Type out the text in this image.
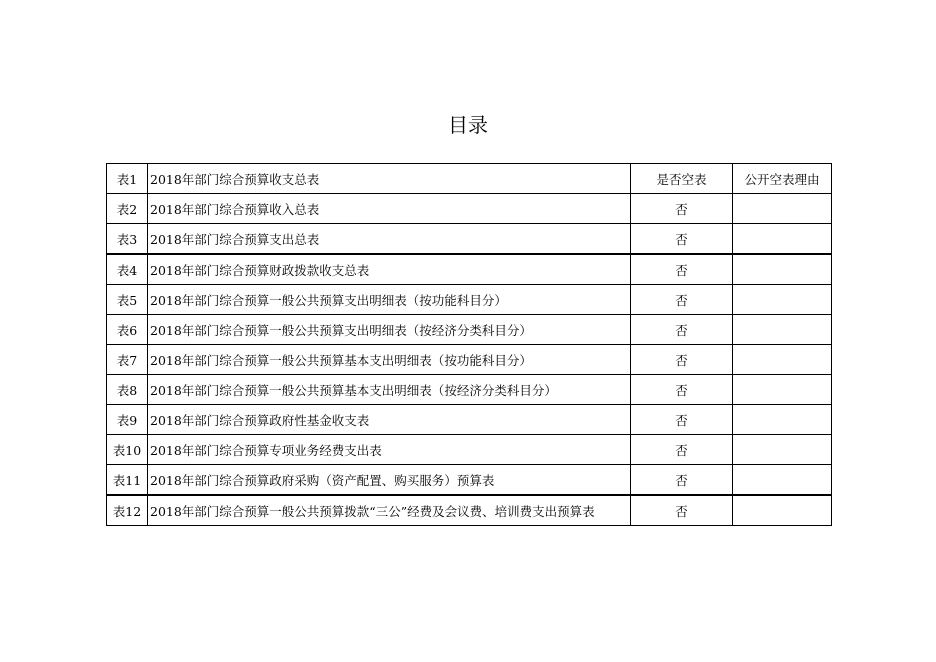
目录
表1	2018年部门综合预算收支总表	是否空表	公开空表理由
表2	2018年部门综合预算收入总表	否	
表3	2018年部门综合预算支出总表	否	
表4	2018年部门综合预算财政拨款收支总表	否	
表5	2018年部门综合预算一般公共预算支出明细表（按功能科目分）	否	
表6	2018年部门综合预算一般公共预算支出明细表（按经济分类科目分）	否	
表7	2018年部门综合预算一般公共预算基本支出明细表（按功能科目分）	否	
表8	2018年部门综合预算一般公共预算基本支出明细表（按经济分类科目分）	否	
表9	2018年部门综合预算政府性基金收支表	否	
表10	2018年部门综合预算专项业务经费支出表	否	
表11	2018年部门综合预算政府采购（资产配置、购买服务）预算表	否	
表12	2018年部门综合预算一般公共预算拨款“三公”经费及会议费、培训费支出预算表	否	
